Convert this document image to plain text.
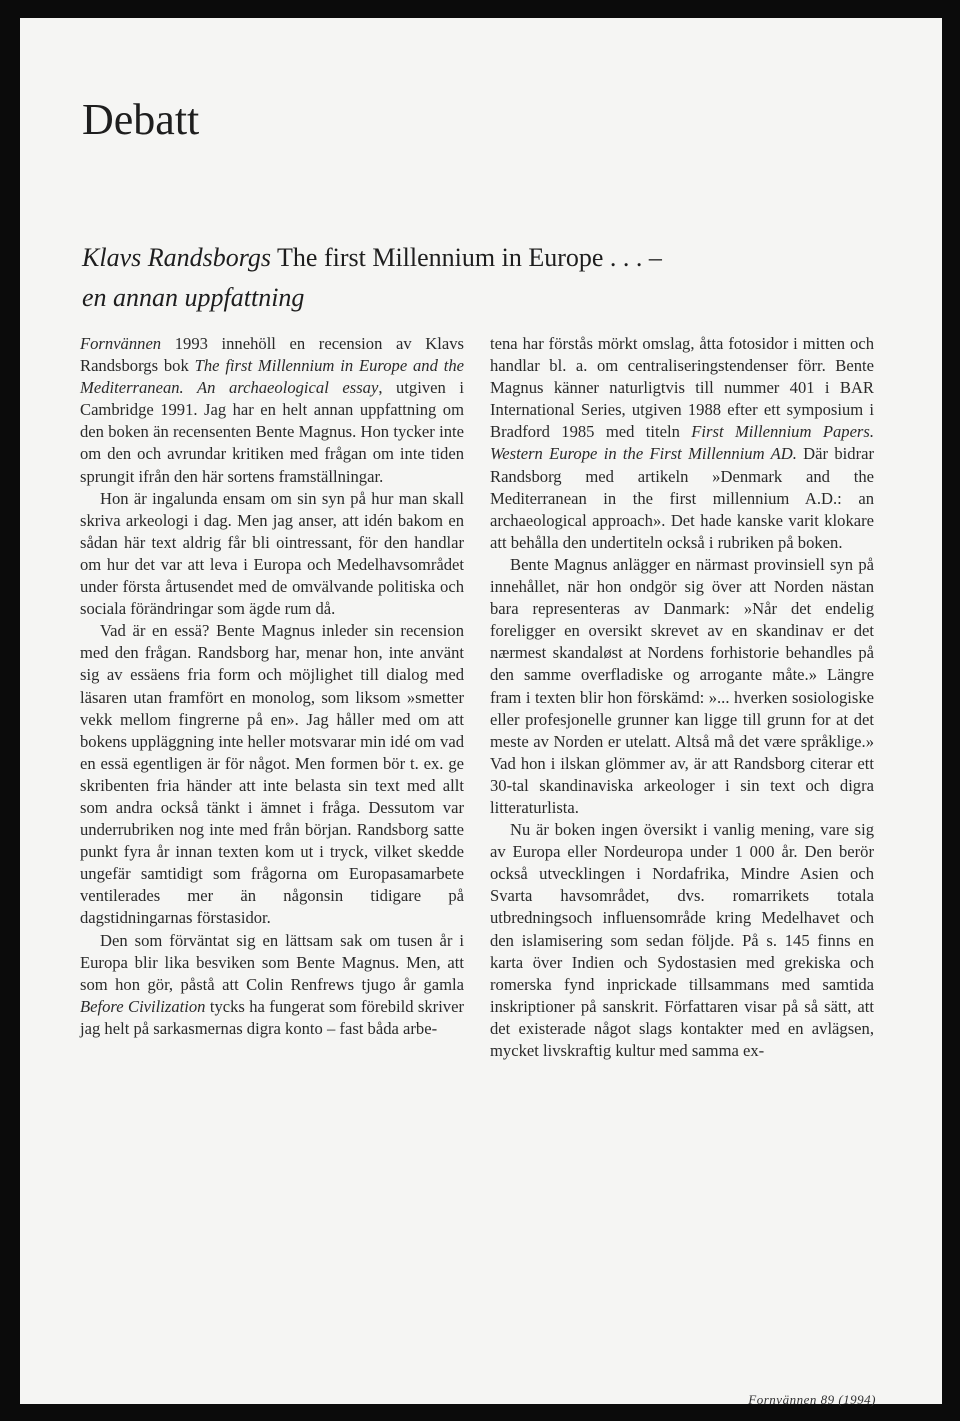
Debatt
Klavs Randsborgs The first Millennium in Europe . . . –
en annan uppfattning

Fornvännen 1993 innehöll en recension av Klavs Randsborgs bok The first Millennium in Europe and the Mediterranean. An archaeological essay, utgiven i Cambridge 1991. Jag har en helt annan uppfattning om den boken än recensenten Bente Magnus. Hon tycker inte om den och avrundar kritiken med frågan om inte tiden sprungit ifrån den här sortens framställningar.

Hon är ingalunda ensam om sin syn på hur man skall skriva arkeologi i dag. Men jag anser, att idén bakom en sådan här text aldrig får bli ointressant, för den handlar om hur det var att leva i Europa och Medelhavsområdet under första årtusendet med de omvälvande politiska och sociala förändringar som ägde rum då.

Vad är en essä? Bente Magnus inleder sin recension med den frågan. Randsborg har, menar hon, inte använt sig av essäens fria form och möjlighet till dialog med läsaren utan framfört en monolog, som liksom »smetter vekk mellom fingrerne på en». Jag håller med om att bokens uppläggning inte heller motsvarar min idé om vad en essä egentligen är för något. Men formen bör t. ex. ge skribenten fria händer att inte belasta sin text med allt som andra också tänkt i ämnet i fråga. Dessutom var underrubriken nog inte med från början. Randsborg satte punkt fyra år innan texten kom ut i tryck, vilket skedde ungefär samtidigt som frågorna om Europasamarbete ventilerades mer än någonsin tidigare på dagstidningarnas förstasidor.

Den som förväntat sig en lättsam sak om tusen år i Europa blir lika besviken som Bente Magnus. Men, att som hon gör, påstå att Colin Renfrews tjugo år gamla Before Civilization tycks ha fungerat som förebild skriver jag helt på sarkasmernas digra konto – fast båda arbe-

tena har förstås mörkt omslag, åtta fotosidor i mitten och handlar bl. a. om centraliseringstendenser förr. Bente Magnus känner naturligtvis till nummer 401 i BAR International Series, utgiven 1988 efter ett symposium i Bradford 1985 med titeln First Millennium Papers. Western Europe in the First Millennium AD. Där bidrar Randsborg med artikeln »Denmark and the Mediterranean in the first millennium A.D.: an archaeological approach». Det hade kanske varit klokare att behålla den undertiteln också i rubriken på boken.

Bente Magnus anlägger en närmast provinsiell syn på innehållet, när hon ondgör sig över att Norden nästan bara representeras av Danmark: »Når det endelig foreligger en oversikt skrevet av en skandinav er det nærmest skandaløst at Nordens forhistorie behandles på den samme overfladiske og arrogante måte.» Längre fram i texten blir hon förskämd: »... hverken sosiologiske eller profesjonelle grunner kan ligge till grunn for at det meste av Norden er utelatt. Altså må det være språklige.» Vad hon i ilskan glömmer av, är att Randsborg citerar ett 30-tal skandinaviska arkeologer i sin text och digra litteraturlista.

Nu är boken ingen översikt i vanlig mening, vare sig av Europa eller Nordeuropa under 1 000 år. Den berör också utvecklingen i Nordafrika, Mindre Asien och Svarta havsområdet, dvs. romarrikets totala utbredningsoch influensområde kring Medelhavet och den islamisering som sedan följde. På s. 145 finns en karta över Indien och Sydostasien med grekiska och romerska fynd inprickade tillsammans med samtida inskriptioner på sanskrit. Författaren visar på så sätt, att det existerade något slags kontakter med en avlägsen, mycket livskraftig kultur med samma ex-

Fornvännen 89 (1994)
